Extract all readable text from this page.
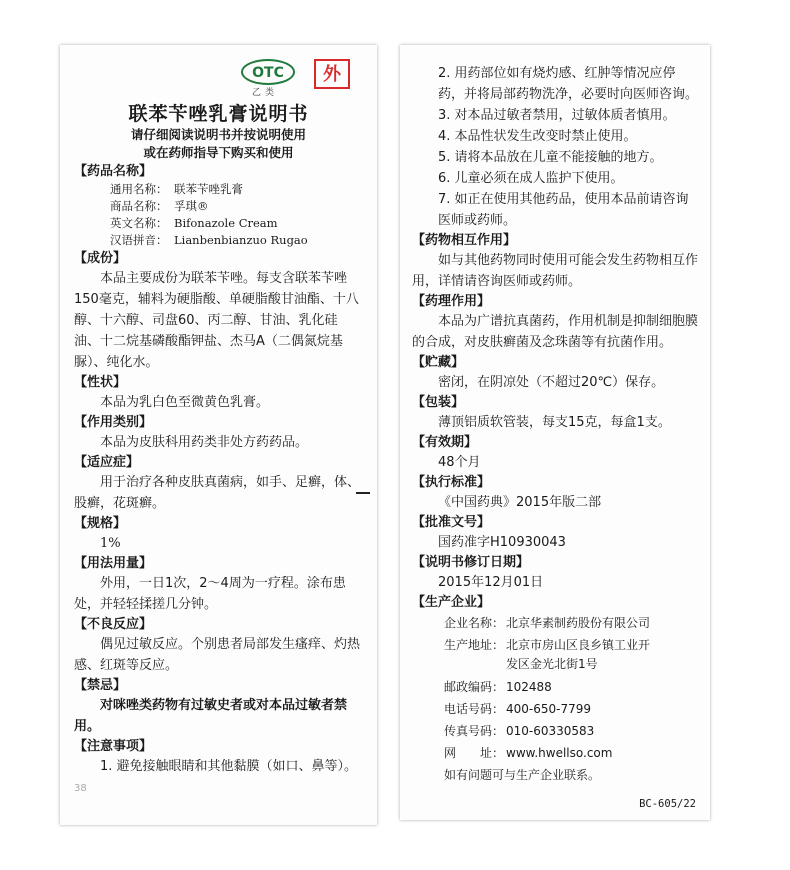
OTC
乙类
外
联苯苄唑乳膏说明书
请仔细阅读说明书并按说明使用
或在药师指导下购买和使用
【药品名称】
通用名称： 联苯苄唑乳膏
商品名称： 孚琪®
英文名称： Bifonazole Cream
汉语拼音： Lianbenbianzuo Rugao
【成份】
本品主要成份为联苯苄唑。每支含联苯苄唑150毫克，辅料为硬脂酸、单硬脂酸甘油酯、十八醇、十六醇、司盘60、丙二醇、甘油、乳化硅油、十二烷基磷酸酯钾盐、杰马A（二偶氮烷基脲）、纯化水。
【性状】
本品为乳白色至微黄色乳膏。
【作用类别】
本品为皮肤科用药类非处方药药品。
【适应症】
用于治疗各种皮肤真菌病，如手、足癣，体、股癣，花斑癣。
【规格】
1%
【用法用量】
外用，一日1次，2～4周为一疗程。涂布患处，并轻轻揉搓几分钟。
【不良反应】
偶见过敏反应。个别患者局部发生瘙痒、灼热感、红斑等反应。
【禁忌】
对咪唑类药物有过敏史者或对本品过敏者禁用。
【注意事项】
1. 避免接触眼睛和其他黏膜（如口、鼻等）。 38
2. 用药部位如有烧灼感、红肿等情况应停药，并将局部药物洗净，必要时向医师咨询。
3. 对本品过敏者禁用，过敏体质者慎用。
4. 本品性状发生改变时禁止使用。
5. 请将本品放在儿童不能接触的地方。
6. 儿童必须在成人监护下使用。
7. 如正在使用其他药品，使用本品前请咨询医师或药师。
【药物相互作用】
如与其他药物同时使用可能会发生药物相互作用，详情请咨询医师或药师。
【药理作用】
本品为广谱抗真菌药，作用机制是抑制细胞膜的合成，对皮肤癣菌及念珠菌等有抗菌作用。
【贮藏】
密闭，在阴凉处（不超过20℃）保存。
【包装】
薄顶铝质软管装，每支15克，每盒1支。
【有效期】
48个月
【执行标准】
《中国药典》2015年版二部
【批准文号】
国药准字H10930043
【说明书修订日期】
2015年12月01日
【生产企业】
企业名称： 北京华素制药股份有限公司
生产地址： 北京市房山区良乡镇工业开发区金光北街1号
邮政编码： 102488
电话号码： 400-650-7799
传真号码： 010-60330583
网　　址： www.hwellso.com
如有问题可与生产企业联系。
BC-605/22
